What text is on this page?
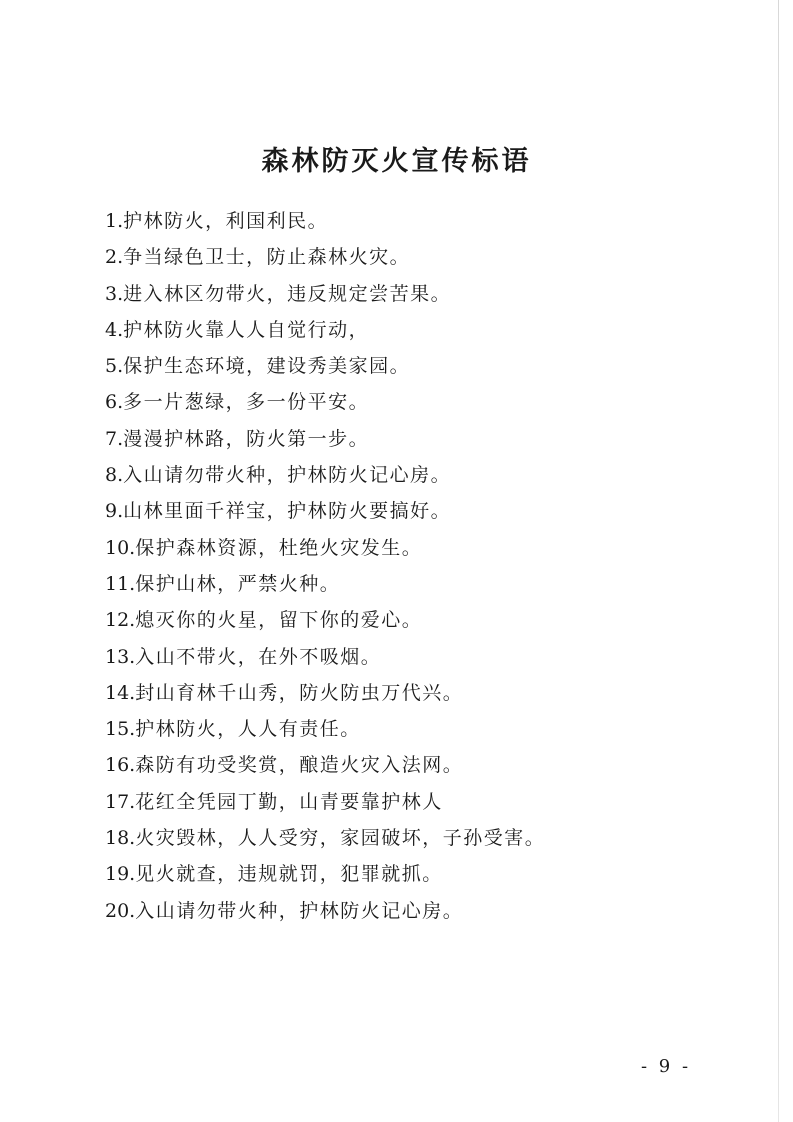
森林防灭火宣传标语
1.护林防火，利国利民。
2.争当绿色卫士，防止森林火灾。
3.进入林区勿带火，违反规定尝苦果。
4.护林防火靠人人自觉行动，
5.保护生态环境，建设秀美家园。
6.多一片葱绿，多一份平安。
7.漫漫护林路，防火第一步。
8.入山请勿带火种，护林防火记心房。
9.山林里面千祥宝，护林防火要搞好。
10.保护森林资源，杜绝火灾发生。
11.保护山林，严禁火种。
12.熄灭你的火星，留下你的爱心。
13.入山不带火，在外不吸烟。
14.封山育林千山秀，防火防虫万代兴。
15.护林防火，人人有责任。
16.森防有功受奖赏，酿造火灾入法网。
17.花红全凭园丁勤，山青要靠护林人
18.火灾毁林，人人受穷，家园破坏，子孙受害。
19.见火就查，违规就罚，犯罪就抓。
20.入山请勿带火种，护林防火记心房。
- 9 -
